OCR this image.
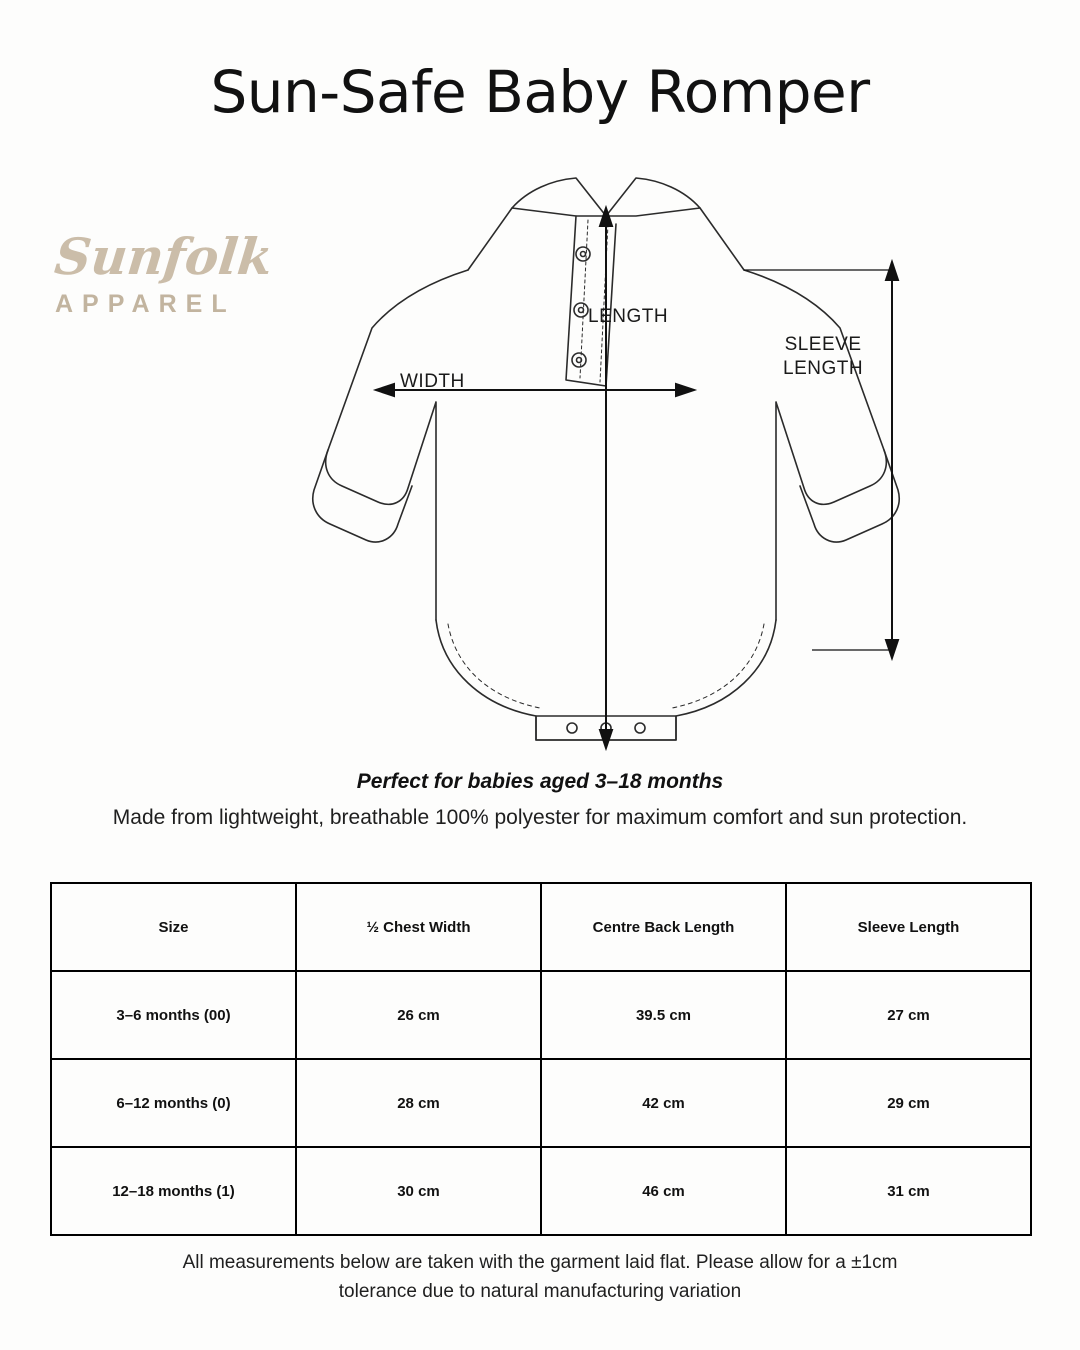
Sun-Safe Baby Romper
Sunfolk
APPAREL	LENGTH
WIDTH
SLEEVE
LENGTH
Perfect for babies aged 3–18 months
Made from lightweight, breathable 100% polyester for maximum comfort and sun protection.
Size	½ Chest Width	Centre Back Length	Sleeve Length
3–6 months (00)	26 cm	39.5 cm	27 cm
6–12 months (0)	28 cm	42 cm	29 cm
12–18 months (1)	30 cm	46 cm	31 cm
All measurements below are taken with the garment laid flat. Please allow for a ±1cm
tolerance due to natural manufacturing variation
